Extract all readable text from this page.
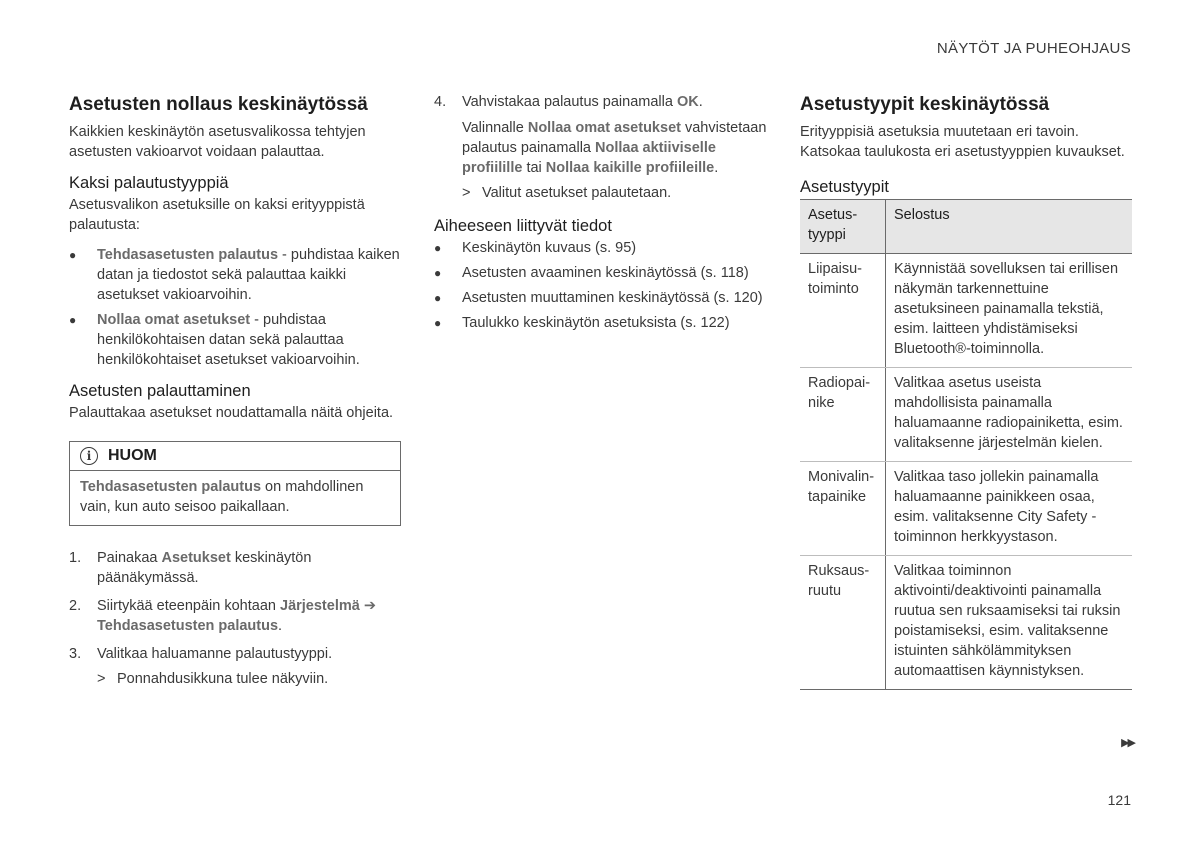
NÄYTÖT JA PUHEOHJAUS
Asetusten nollaus keskinäytössä

Kaikkien keskinäytön asetusvalikossa tehtyjen asetusten vakioarvot voidaan palauttaa.

Kaksi palautustyyppiä

Asetusvalikon asetuksille on kaksi erityyppistä palautusta:

● Tehdasasetusten palautus - puhdistaa kaiken datan ja tiedostot sekä palauttaa kaikki asetukset vakioarvoihin.
● Nollaa omat asetukset - puhdistaa henkilökohtaisen datan sekä palauttaa henkilökohtaiset asetukset vakioarvoihin.
Asetusten palauttaminen

Palauttakaa asetukset noudattamalla näitä ohjeita.

i	HUOM
Tehdasasetusten palautus on mahdollinen vain, kun auto seisoo paikallaan.
1. Painakaa Asetukset keskinäytön päänäkymässä.
2. Siirtykää eteenpäin kohtaan Järjestelmä ➔ Tehdasasetusten palautus.
3. Valitkaa haluamanne palautustyyppi.
> Ponnahdusikkuna tulee näkyviin.
4. Vahvistakaa palautus painamalla OK.

Valinnalle Nollaa omat asetukset vahvistetaan palautus painamalla Nollaa aktiiviselle profiilille tai Nollaa kaikille profiileille.

> Valitut asetukset palautetaan.
Aiheeseen liittyvät tiedot
● Keskinäytön kuvaus (s. 95)
● Asetusten avaaminen keskinäytössä (s. 118)
● Asetusten muuttaminen keskinäytössä (s. 120)
● Taulukko keskinäytön asetuksista (s. 122)
Asetustyypit keskinäytössä

Erityyppisiä asetuksia muutetaan eri tavoin. Katsokaa taulukosta eri asetustyyppien kuvaukset.

Asetustyypit
Asetustyyppi	Selostus
Liipaisutoiminto	Käynnistää sovelluksen tai erillisen näkymän tarkennettuine asetuksineen painamalla tekstiä, esim. laitteen yhdistämiseksi Bluetooth®-toiminnolla.
Radiopainike	Valitkaa asetus useista mahdollisista painamalla haluamaanne radiopainiketta, esim. valitaksenne järjestelmän kielen.
Monivalintapainike	Valitkaa taso jollekin painamalla haluamaanne painikkeen osaa, esim. valitaksenne City Safety -toiminnon herkkyystason.
Ruksausruutu	Valitkaa toiminnon aktivointi/deaktivointi painamalla ruutua sen ruksaamiseksi tai ruksin poistamiseksi, esim. valitaksenne istuinten sähkölämmityksen automaattisen käynnistyksen.
▶▶
121
